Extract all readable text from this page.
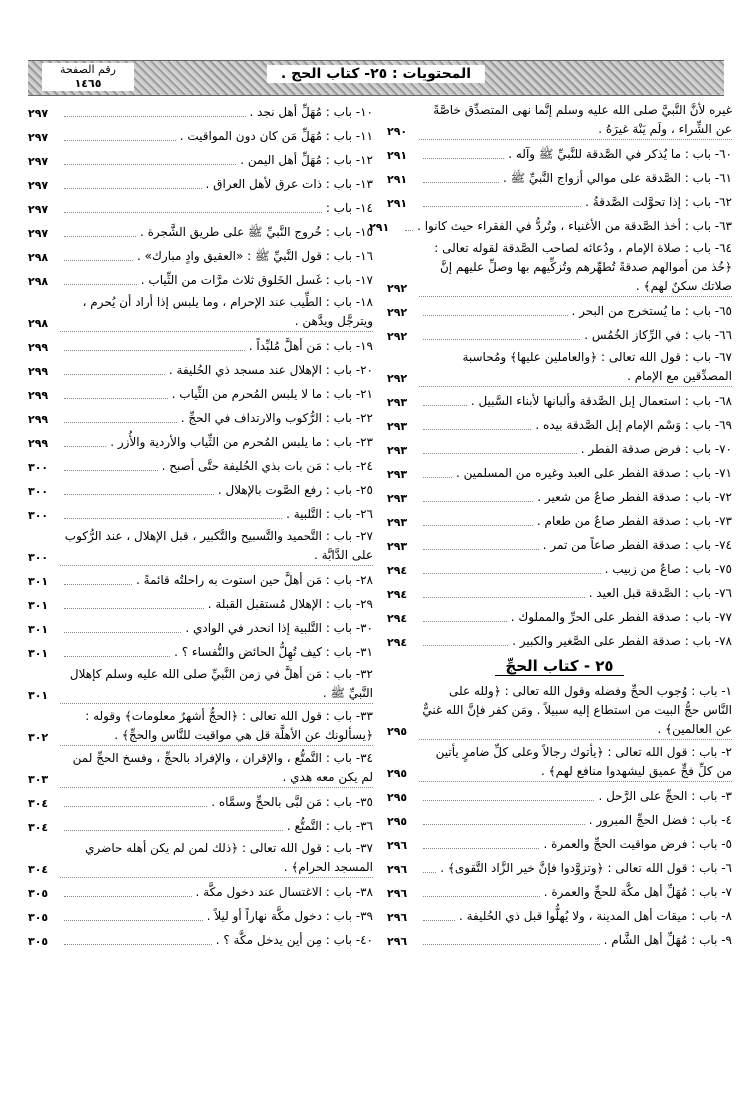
المحتويات : ٢٥- كتاب الحج .
رقم الصفحة
١٤٦٥
غيره لأنَّ النَّبيَّ صلى الله عليه وسلم إنَّما نهى المتصدِّق خاصَّةً عن الشِّراء ، ولَم يَنْهَ غيرَهُ .
٢٩٠
٦٠- باب : ما يُذكر في الصَّدقة للنَّبيِّ ﷺ وآله .
٢٩١
٦١- باب : الصَّدقة على موالي أزواج النَّبيِّ ﷺ .
٢٩١
٦٢- باب : إذا تحوَّلت الصَّدقةُ .
٢٩١
٦٣- باب : أخذ الصَّدقة من الأغنياء ، وتُردُّ في الفقراء حيث كانوا .
٢٩١
٦٤- باب : صلاة الإمام ، ودُعائه لصاحب الصَّدقة لقوله تعالى : ﴿خُذ من أموالهم صدقةً تُطهِّرهم وتُزكِّيهم بها وصلِّ عليهم إنَّ صلاتك سكنٌ لهم﴾ .
٢٩٢
٦٥- باب : ما يُستخرج من البحر .
٢٩٢
٦٦- باب : في الرِّكاز الخُمُس .
٢٩٢
٦٧- باب : قول الله تعالى : ﴿والعاملين عليها﴾ ومُحاسبة المصدِّقين مع الإمام .
٢٩٢
٦٨- باب : استعمال إبل الصَّدقة وألبانها لأبناء السَّبيل .
٢٩٣
٦٩- باب : وَسْم الإمام إبل الصَّدقة بيده .
٢٩٣
٧٠- باب : فرض صدقة الفطر .
٢٩٣
٧١- باب : صدقة الفطر على العبد وغيره من المسلمين .
٢٩٣
٧٢- باب : صدقة الفطر صاعٌ من شعير .
٢٩٣
٧٣- باب : صدقة الفطر صاعٌ من طعام .
٢٩٣
٧٤- باب : صدقة الفطر صاعاً من تمر .
٢٩٣
٧٥- باب : صاعٌ من زبيب .
٢٩٤
٧٦- باب : الصَّدقة قبل العيد .
٢٩٤
٧٧- باب : صدقة الفطر على الحرِّ والمملوك .
٢٩٤
٧٨- باب : صدقة الفطر على الصَّغير والكبير .
٢٩٤
٢٥ - كتاب الحجِّ
١- باب : وُجوب الحجِّ وفضله وقول الله تعالى : ﴿ولله على النَّاس حجُّ البيت من استطاع إليه سبيلاً . ومَن كفر فإنَّ الله غنيٌّ عن العالمين﴾ .
٢٩٥
٢- باب : قول الله تعالى : ﴿يأتوك رجالاً وعلى كلِّ ضامرٍ يأتين من كلِّ فجٍّ عميق ليشهدوا منافع لهم﴾ .
٢٩٥
٣- باب : الحجِّ على الرَّحل .
٢٩٥
٤- باب : فضل الحجِّ المبرور .
٢٩٥
٥- باب : فرض مواقيت الحجِّ والعمرة .
٢٩٦
٦- باب : قول الله تعالى : ﴿وتزوَّدوا فإنَّ خير الزَّاد التَّقوى﴾ .
٢٩٦
٧- باب : مُهَلِّ أهل مكَّة للحجِّ والعمرة .
٢٩٦
٨- باب : ميقات أهل المدينة ، ولا يُهلُّوا قبل ذي الحُليفة .
٢٩٦
٩- باب : مُهَلِّ أهل الشَّام .
٢٩٦
١٠- باب : مُهَلِّ أهل نجد .
٢٩٧
١١- باب : مُهَلِّ مَن كان دون المواقيت .
٢٩٧
١٢- باب : مُهَلِّ أهل اليمن .
٢٩٧
١٣- باب : ذات عرق لأهل العراق .
٢٩٧
١٤- باب :
٢٩٧
١٥- باب : خُروج النَّبيِّ ﷺ على طريق الشَّجرة .
٢٩٧
١٦- باب : قول النَّبيِّ ﷺ : «العقيق وادٍ مبارك» .
٢٩٨
١٧- باب : غَسل الخَلوق ثلاث مرَّات من الثِّياب .
٢٩٨
١٨- باب : الطِّيب عند الإحرام ، وما يلبس إذا أراد أن يُحرم ، ويترجَّل ويدَّهن .
٢٩٨
١٩- باب : مَن أهلَّ مُلبِّداً .
٢٩٩
٢٠- باب : الإهلال عند مسجد ذي الحُليفة .
٢٩٩
٢١- باب : ما لا يلبس المُحرم من الثِّياب .
٢٩٩
٢٢- باب : الرُّكوب والارتداف في الحجِّ .
٢٩٩
٢٣- باب : ما يلبس المُحرم من الثِّياب والأردية والأُزر .
٢٩٩
٢٤- باب : مَن بات بذي الحُليفة حتَّى أصبح .
٣٠٠
٢٥- باب : رفع الصَّوت بالإهلال .
٣٠٠
٢٦- باب : التَّلبية .
٣٠٠
٢٧- باب : التَّحميد والتَّسبيح والتَّكبير ، قبل الإهلال ، عند الرُّكوب على الدَّابَّة .
٣٠٠
٢٨- باب : مَن أهلَّ حين استوت به راحلتُه قائمةً .
٣٠١
٢٩- باب : الإهلال مُستقبل القبلة .
٣٠١
٣٠- باب : التَّلبية إذا انحدر في الوادي .
٣٠١
٣١- باب : كيف تُهِلُّ الحائض والنُّفساء ؟ .
٣٠١
٣٢- باب : مَن أهلَّ في زمن النَّبيِّ صلى الله عليه وسلم كإهلال النَّبيِّ ﷺ .
٣٠١
٣٣- باب : قول الله تعالى : ﴿الحجُّ أشهرٌ معلومات﴾ وقوله : ﴿يسألونك عن الأهلَّة قل هي مواقيت للنَّاس والحجِّ﴾ .
٣٠٢
٣٤- باب : التَّمتُّع ، والإقران ، والإفراد بالحجِّ ، وفسخ الحجِّ لمن لم يكن معه هدي .
٣٠٣
٣٥- باب : مَن لبَّى بالحجِّ وسمَّاه .
٣٠٤
٣٦- باب : التَّمتُّع .
٣٠٤
٣٧- باب : قول الله تعالى : ﴿ذلك لمن لم يكن أهله حاضري المسجد الحرام﴾ .
٣٠٤
٣٨- باب : الاغتسال عند دخول مكَّة .
٣٠٥
٣٩- باب : دخول مكَّة نهاراً أو ليلاً .
٣٠٥
٤٠- باب : مِن أين يدخل مكَّة ؟ .
٣٠٥
